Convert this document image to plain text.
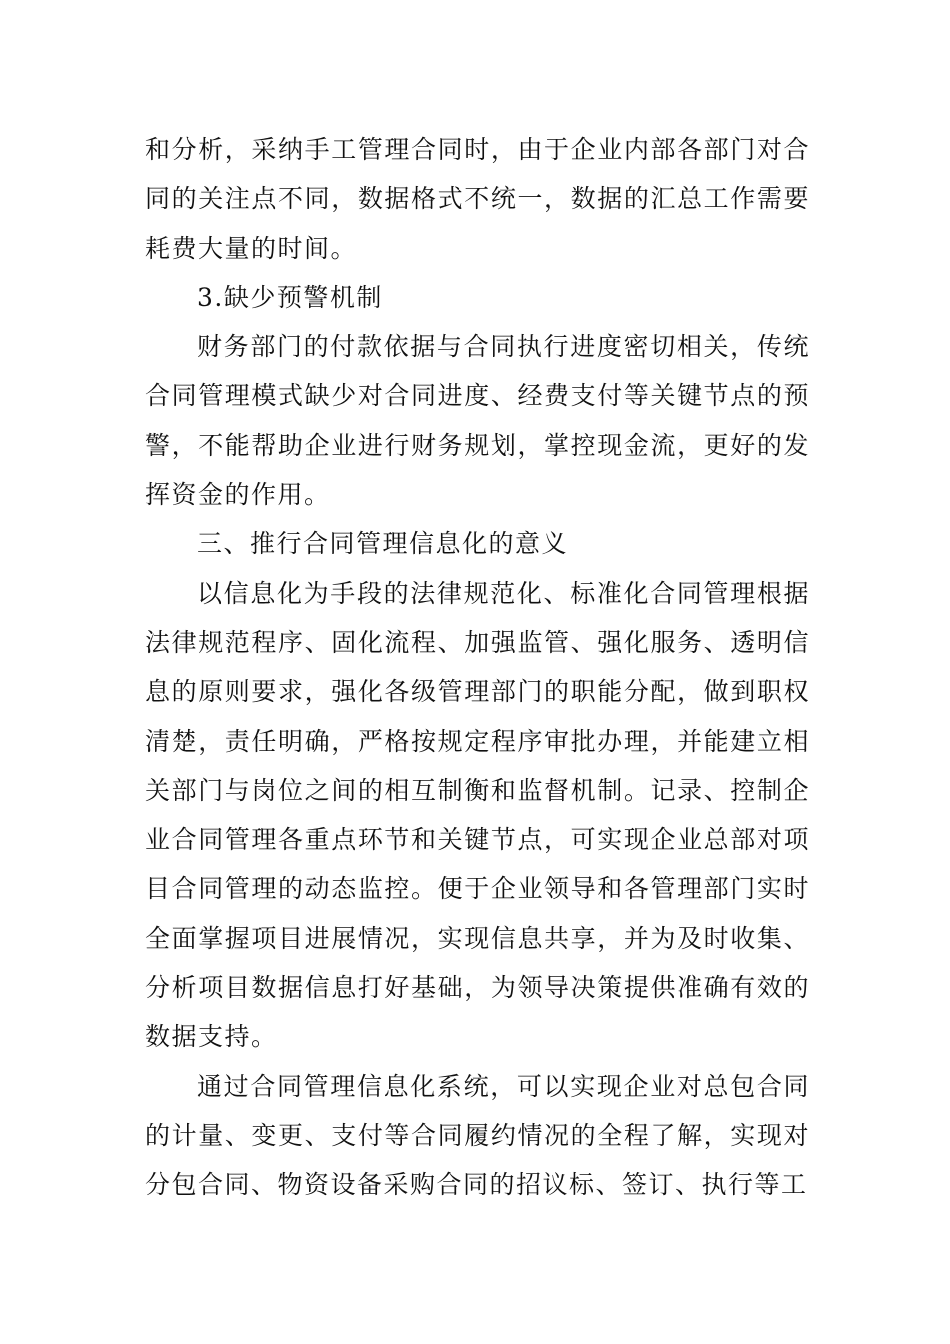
和分析，采纳手工管理合同时，由于企业内部各部门对合同的关注点不同，数据格式不统一，数据的汇总工作需要耗费大量的时间。

3.缺少预警机制

财务部门的付款依据与合同执行进度密切相关，传统合同管理模式缺少对合同进度、经费支付等关键节点的预警，不能帮助企业进行财务规划，掌控现金流，更好的发挥资金的作用。

三、推行合同管理信息化的意义

以信息化为手段的法律规范化、标准化合同管理根据法律规范程序、固化流程、加强监管、强化服务、透明信息的原则要求，强化各级管理部门的职能分配，做到职权清楚，责任明确，严格按规定程序审批办理，并能建立相关部门与岗位之间的相互制衡和监督机制。记录、控制企业合同管理各重点环节和关键节点，可实现企业总部对项目合同管理的动态监控。便于企业领导和各管理部门实时全面掌握项目进展情况，实现信息共享，并为及时收集、分析项目数据信息打好基础，为领导决策提供准确有效的数据支持。

通过合同管理信息化系统，可以实现企业对总包合同的计量、变更、支付等合同履约情况的全程了解，实现对分包合同、物资设备采购合同的招议标、签订、执行等工
